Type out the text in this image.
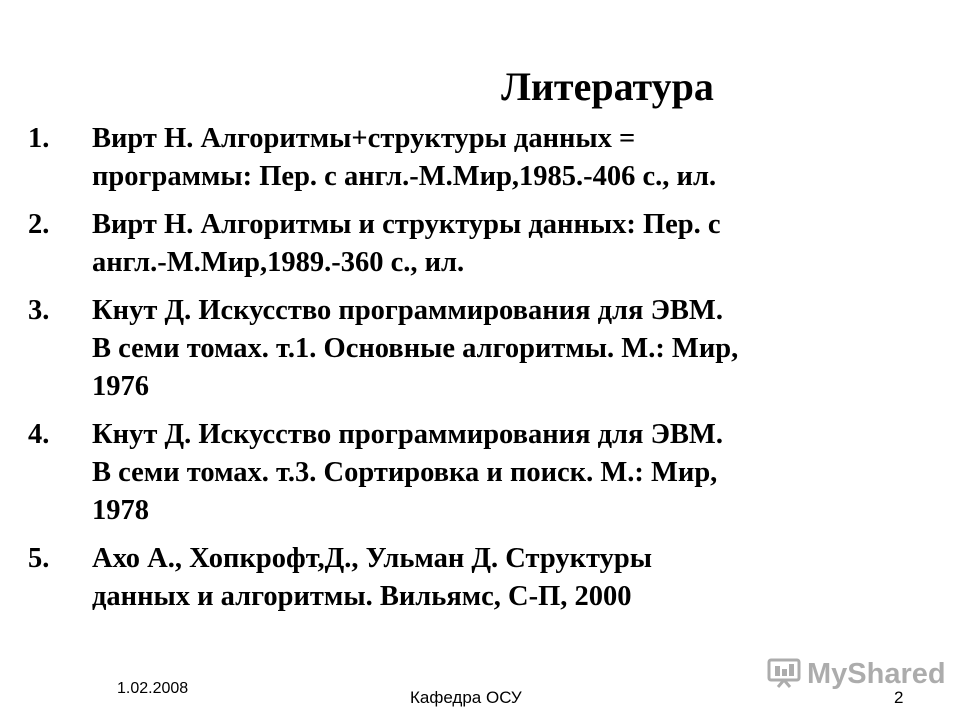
Литература
1. Вирт Н. Алгоритмы+структуры данных =
программы: Пер. с англ.-М.Мир,1985.-406 с., ил.
2. Вирт Н. Алгоритмы и структуры данных: Пер. с
англ.-М.Мир,1989.-360 с., ил.
3. Кнут Д. Искусство программирования для ЭВМ.
В семи томах. т.1. Основные алгоритмы. М.: Мир,
1976
4. Кнут Д. Искусство программирования для ЭВМ.
В семи томах. т.3. Сортировка и поиск. М.: Мир,
1978
5. Ахо А., Хопкрофт,Д., Ульман Д. Структуры
данных и алгоритмы. Вильямс, С-П, 2000
1.02.2008	Кафедра ОСУ	2
MyShared
